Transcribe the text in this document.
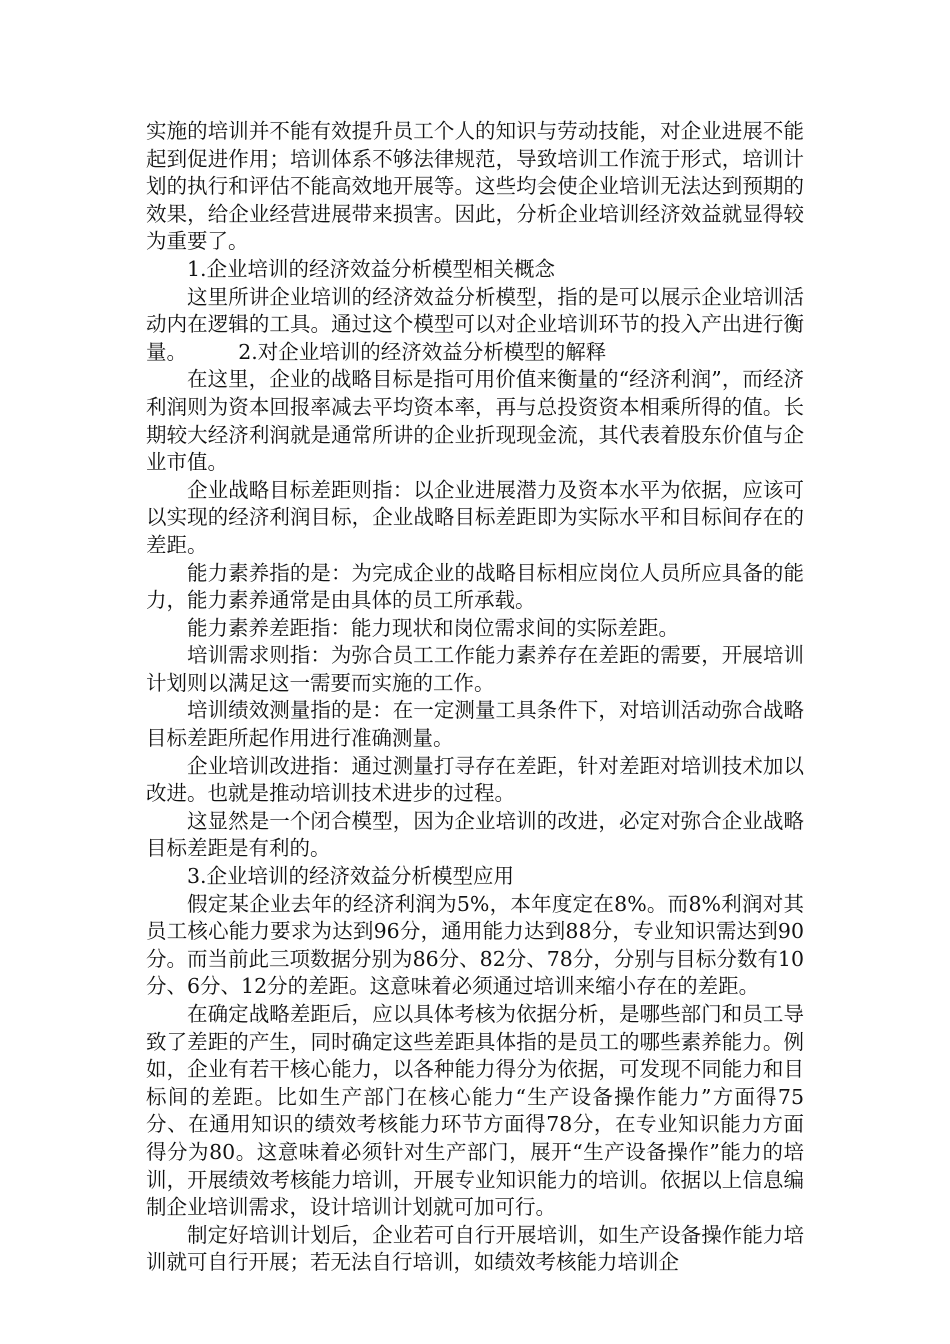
实施的培训并不能有效提升员工个人的知识与劳动技能，对企业进展不能起到促进作用；培训体系不够法律规范，导致培训工作流于形式，培训计划的执行和评估不能高效地开展等。这些均会使企业培训无法达到预期的效果，给企业经营进展带来损害。因此，分析企业培训经济效益就显得较为重要了。

1.企业培训的经济效益分析模型相关概念

这里所讲企业培训的经济效益分析模型，指的是可以展示企业培训活动内在逻辑的工具。通过这个模型可以对企业培训环节的投入产出进行衡量。　　　2.对企业培训的经济效益分析模型的解释

在这里，企业的战略目标是指可用价值来衡量的“经济利润”，而经济利润则为资本回报率减去平均资本率，再与总投资资本相乘所得的值。长期较大经济利润就是通常所讲的企业折现现金流，其代表着股东价值与企业市值。

企业战略目标差距则指：以企业进展潜力及资本水平为依据，应该可以实现的经济利润目标，企业战略目标差距即为实际水平和目标间存在的差距。

能力素养指的是：为完成企业的战略目标相应岗位人员所应具备的能力，能力素养通常是由具体的员工所承载。

能力素养差距指：能力现状和岗位需求间的实际差距。

培训需求则指：为弥合员工工作能力素养存在差距的需要，开展培训计划则以满足这一需要而实施的工作。

培训绩效测量指的是：在一定测量工具条件下，对培训活动弥合战略目标差距所起作用进行准确测量。

企业培训改进指：通过测量打寻存在差距，针对差距对培训技术加以改进。也就是推动培训技术进步的过程。

这显然是一个闭合模型，因为企业培训的改进，必定对弥合企业战略目标差距是有利的。

3.企业培训的经济效益分析模型应用

假定某企业去年的经济利润为5%，本年度定在8%。而8%利润对其员工核心能力要求为达到96分，通用能力达到88分，专业知识需达到90分。而当前此三项数据分别为86分、82分、78分，分别与目标分数有10分、6分、12分的差距。这意味着必须通过培训来缩小存在的差距。

在确定战略差距后，应以具体考核为依据分析，是哪些部门和员工导致了差距的产生，同时确定这些差距具体指的是员工的哪些素养能力。例如，企业有若干核心能力，以各种能力得分为依据，可发现不同能力和目标间的差距。比如生产部门在核心能力“生产设备操作能力”方面得75分、在通用知识的绩效考核能力环节方面得78分，在专业知识能力方面得分为80。这意味着必须针对生产部门，展开“生产设备操作”能力的培训，开展绩效考核能力培训，开展专业知识能力的培训。依据以上信息编制企业培训需求，设计培训计划就可加可行。

制定好培训计划后，企业若可自行开展培训，如生产设备操作能力培训就可自行开展；若无法自行培训，如绩效考核能力培训企
